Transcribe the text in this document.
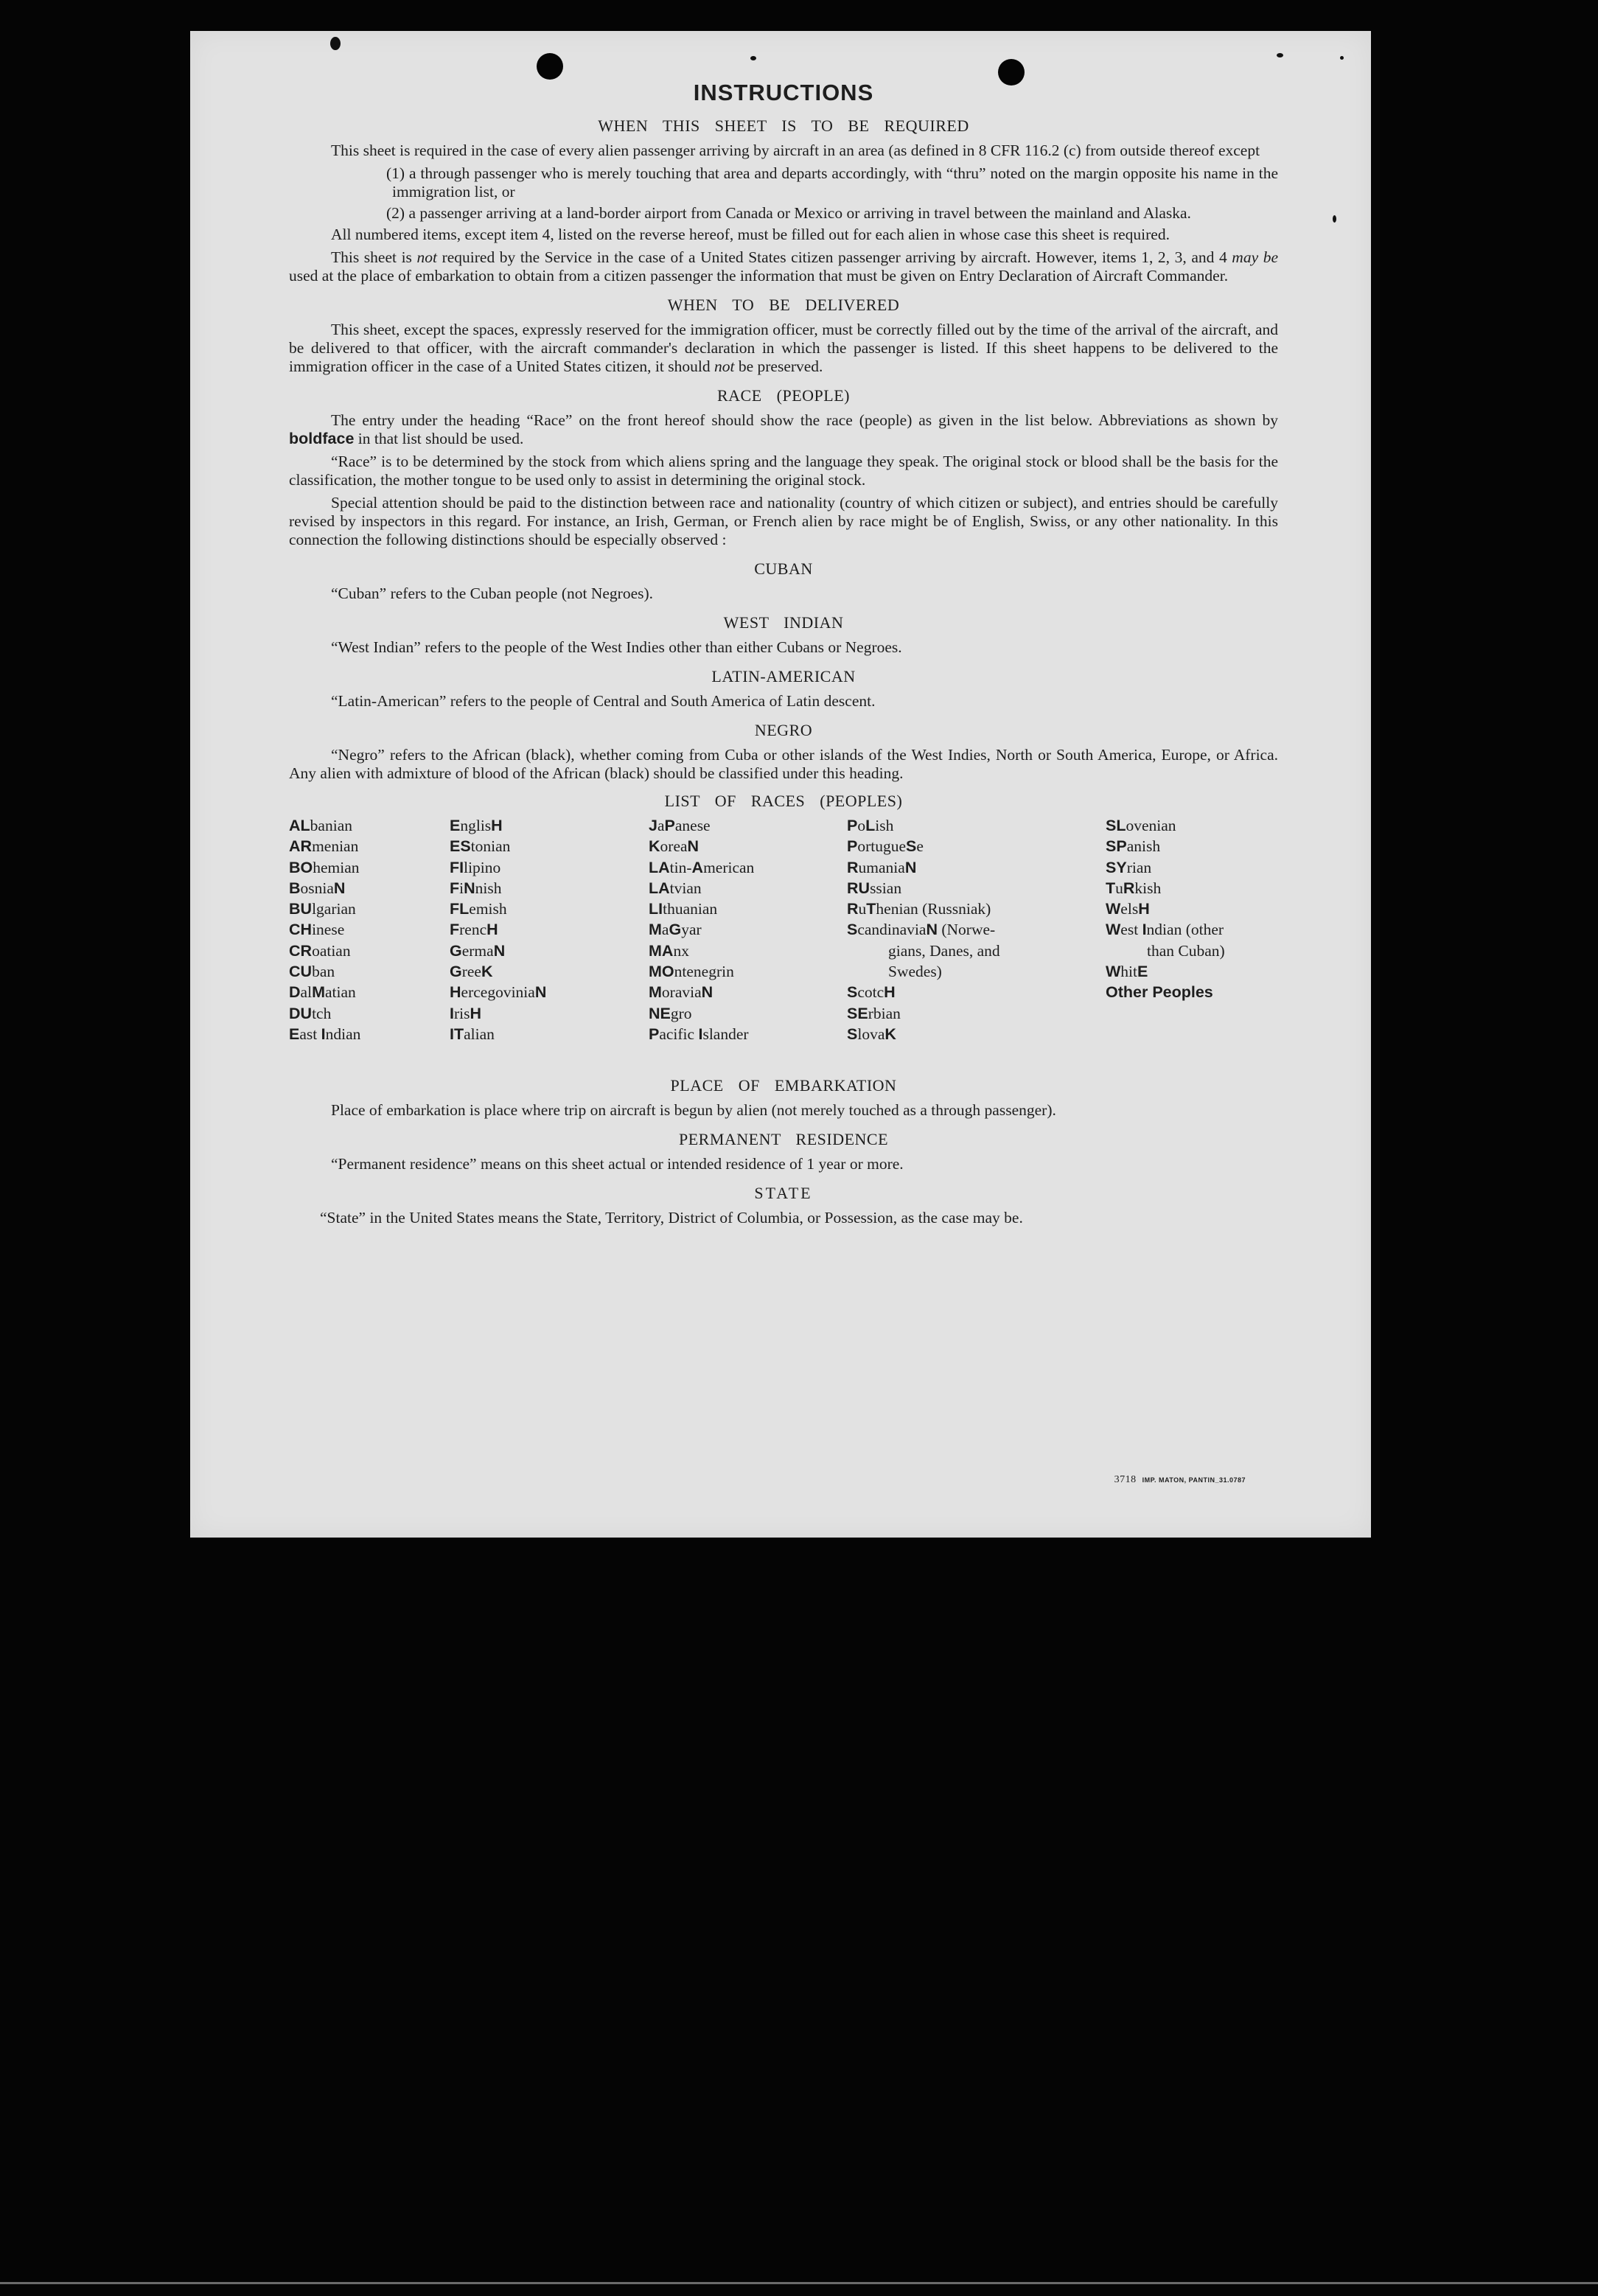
INSTRUCTIONS
WHEN THIS SHEET IS TO BE REQUIRED

This sheet is required in the case of every alien passenger arriving by aircraft in an area (as defined in 8 CFR 116.2 (c) from outside thereof except

(1) a through passenger who is merely touching that area and departs accordingly, with “thru” noted on the margin opposite his name in the immigration list, or

(2) a passenger arriving at a land-border airport from Canada or Mexico or arriving in travel between the mainland and Alaska.

All numbered items, except item 4, listed on the reverse hereof, must be filled out for each alien in whose case this sheet is required.

This sheet is not required by the Service in the case of a United States citizen passenger arriving by aircraft. However, items 1, 2, 3, and 4 may be used at the place of embarkation to obtain from a citizen passenger the information that must be given on Entry Declaration of Aircraft Commander.

WHEN TO BE DELIVERED

This sheet, except the spaces, expressly reserved for the immigration officer, must be correctly filled out by the time of the arrival of the aircraft, and be delivered to that officer, with the aircraft commander's declaration in which the passenger is listed. If this sheet happens to be delivered to the immigration officer in the case of a United States citizen, it should not be preserved.

RACE (PEOPLE)

The entry under the heading “Race” on the front hereof should show the race (people) as given in the list below. Abbreviations as shown by boldface in that list should be used.

“Race” is to be determined by the stock from which aliens spring and the language they speak. The original stock or blood shall be the basis for the classification, the mother tongue to be used only to assist in determining the original stock.

Special attention should be paid to the distinction between race and nationality (country of which citizen or subject), and entries should be carefully revised by inspectors in this regard. For instance, an Irish, German, or French alien by race might be of English, Swiss, or any other nationality. In this connection the following distinctions should be especially observed :

CUBAN

“Cuban” refers to the Cuban people (not Negroes).

WEST INDIAN

“West Indian” refers to the people of the West Indies other than either Cubans or Negroes.

LATIN-AMERICAN

“Latin-American” refers to the people of Central and South America of Latin descent.

NEGRO

“Negro” refers to the African (black), whether coming from Cuba or other islands of the West Indies, North or South America, Europe, or Africa. Any alien with admixture of blood of the African (black) should be classified under this heading.

LIST OF RACES (PEOPLES)
ALbanian
ARmenian
BOhemian
BosniaN
BUlgarian
CHinese
CRoatian
CUban
DalMatian
DUtch
East Indian
EnglisH
EStonian
FIlipino
FiNnish
FLemish
FrencH
GermaN
GreeK
HercegoviniaN
IrisH
ITalian
JaPanese
KoreaN
LAtin-American
LAtvian
LIthuanian
MaGyar
MAnx
MOntenegrin
MoraviaN
NEgro
Pacific Islander
PoLish
PortugueSe
RumaniaN
RUssian
RuThenian (Russniak)
ScandinaviaN (Norwe-
gians, Danes, and
Swedes)
ScotcH
SErbian
SlovaK
SLovenian
SPanish
SYrian
TuRkish
WelsH
West Indian (other
than Cuban)
WhitE
Other Peoples
PLACE OF EMBARKATION

Place of embarkation is place where trip on aircraft is begun by alien (not merely touched as a through passenger).

PERMANENT RESIDENCE

“Permanent residence” means on this sheet actual or intended residence of 1 year or more.

STATE

“State” in the United States means the State, Territory, District of Columbia, or Possession, as the case may be.

3718 IMP. MATON, PANTIN_31.0787
